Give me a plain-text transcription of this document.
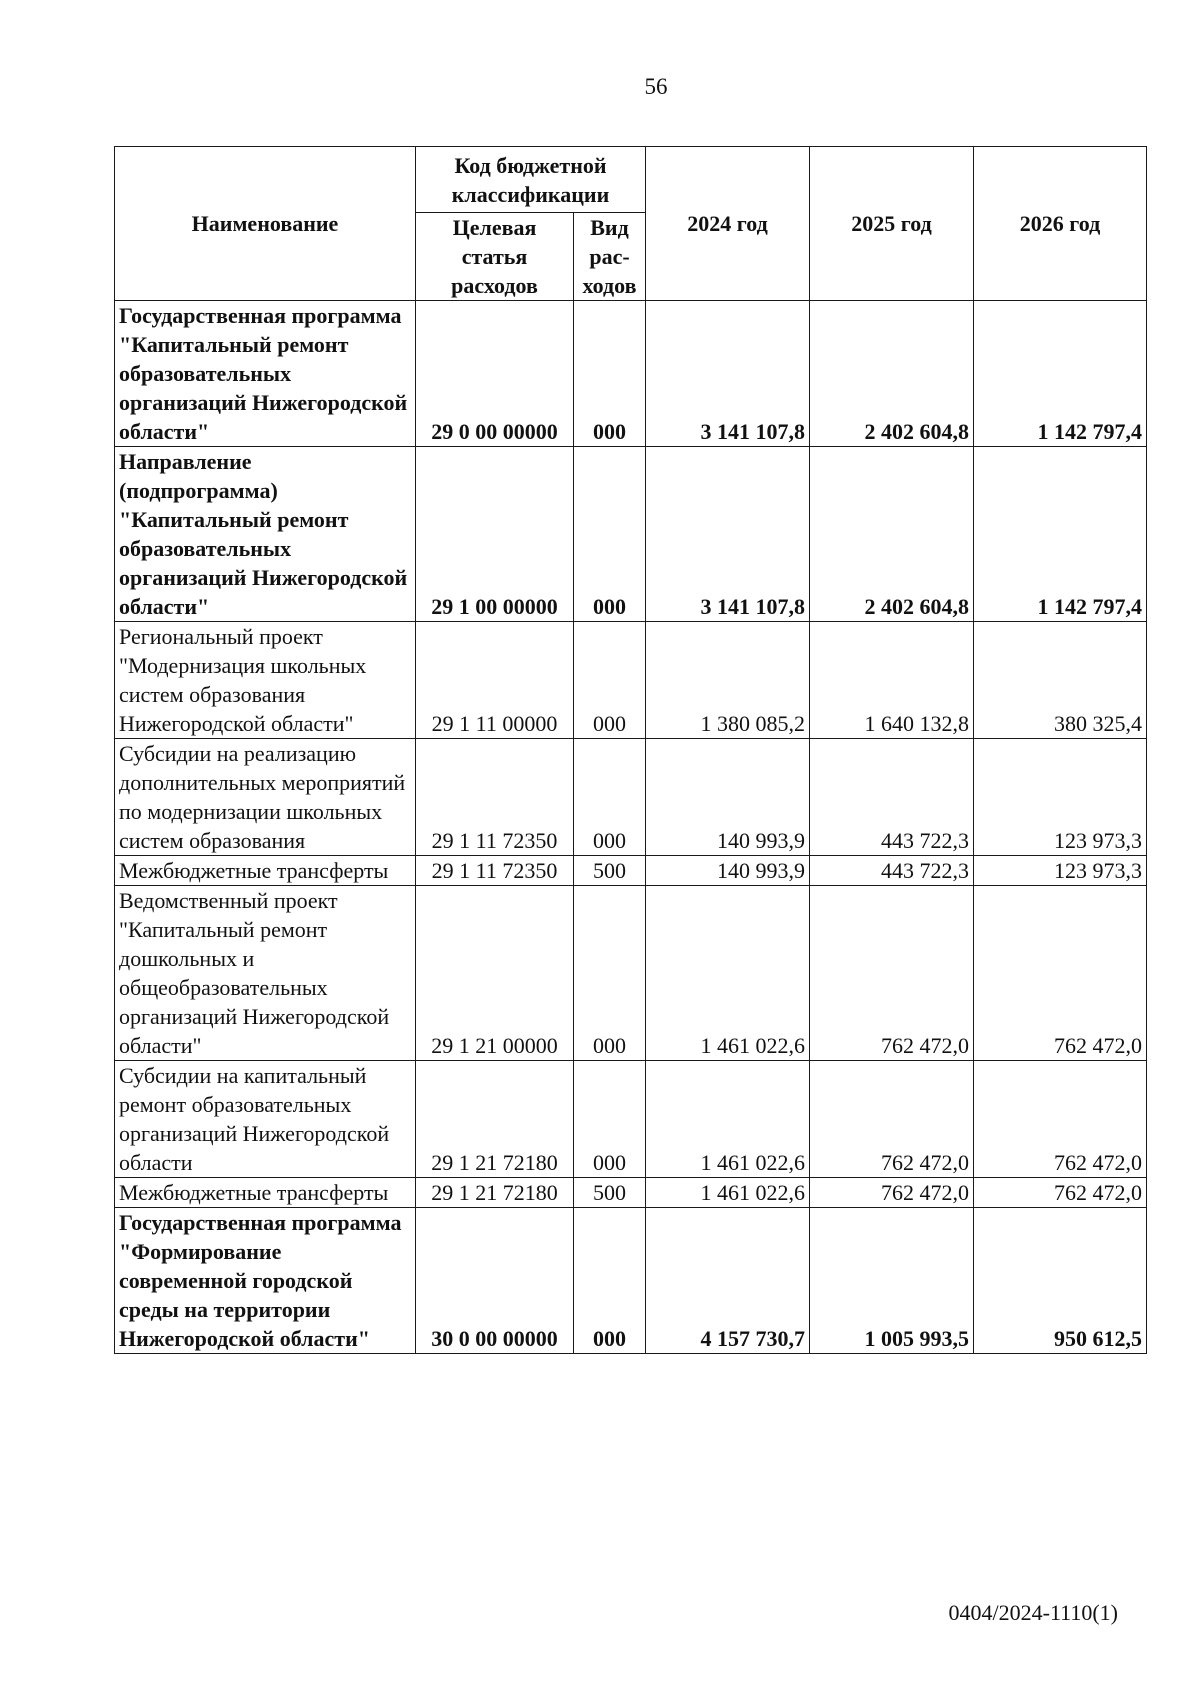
56
Наименование	Код бюджетной классификации		2024 год	2025 год	2026 год
	Целевая статья расходов	Вид рас- ходов			
Государственная программа "Капитальный ремонт образовательных организаций Нижегородской области"	29 0 00 00000	000	3 141 107,8	2 402 604,8	1 142 797,4
Направление (подпрограмма) "Капитальный ремонт образовательных организаций Нижегородской области"	29 1 00 00000	000	3 141 107,8	2 402 604,8	1 142 797,4
Региональный проект "Модернизация школьных систем образования Нижегородской области"	29 1 11 00000	000	1 380 085,2	1 640 132,8	380 325,4
Субсидии на реализацию дополнительных мероприятий по модернизации школьных систем образования	29 1 11 72350	000	140 993,9	443 722,3	123 973,3
Межбюджетные трансферты	29 1 11 72350	500	140 993,9	443 722,3	123 973,3
Ведомственный проект "Капитальный ремонт дошкольных и общеобразовательных организаций Нижегородской области"	29 1 21 00000	000	1 461 022,6	762 472,0	762 472,0
Субсидии на капитальный ремонт образовательных организаций Нижегородской области	29 1 21 72180	000	1 461 022,6	762 472,0	762 472,0
Межбюджетные трансферты	29 1 21 72180	500	1 461 022,6	762 472,0	762 472,0
Государственная программа "Формирование современной городской среды на территории Нижегородской области"	30 0 00 00000	000	4 157 730,7	1 005 993,5	950 612,5
0404/2024-1110(1)
